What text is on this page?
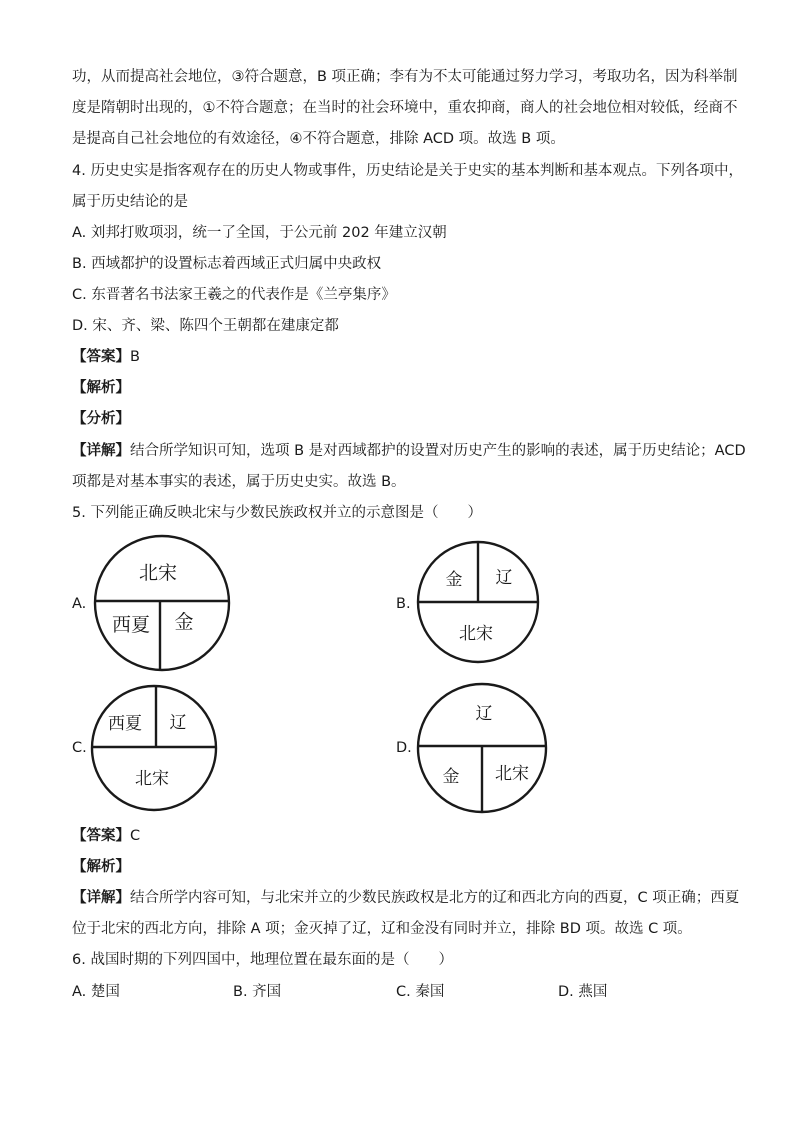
功，从而提高社会地位，③符合题意，B 项正确；李有为不太可能通过努力学习，考取功名，因为科举制
度是隋朝时出现的，①不符合题意；在当时的社会环境中，重农抑商，商人的社会地位相对较低，经商不
是提高自己社会地位的有效途径，④不符合题意，排除 ACD 项。故选 B 项。
4. 历史史实是指客观存在的历史人物或事件，历史结论是关于史实的基本判断和基本观点。下列各项中，
属于历史结论的是
A. 刘邦打败项羽，统一了全国，于公元前 202 年建立汉朝
B. 西域都护的设置标志着西域正式归属中央政权
C. 东晋著名书法家王羲之的代表作是《兰亭集序》
D. 宋、齐、梁、陈四个王朝都在建康定都
【答案】B
【解析】
【分析】
【详解】结合所学知识可知，选项 B 是对西域都护的设置对历史产生的影响的表述，属于历史结论；ACD
项都是对基本事实的表述，属于历史史实。故选 B。
5. 下列能正确反映北宋与少数民族政权并立的示意图是（　　）
A.
北宋
西夏 金
B.
金 辽
北宋
C.
西夏 辽
北宋
D.
辽
金 北宋
【答案】C
【解析】
【详解】结合所学内容可知，与北宋并立的少数民族政权是北方的辽和西北方向的西夏，C 项正确；西夏
位于北宋的西北方向，排除 A 项；金灭掉了辽，辽和金没有同时并立，排除 BD 项。故选 C 项。
6. 战国时期的下列四国中，地理位置在最东面的是（　　）
A. 楚国	B. 齐国	C. 秦国	D. 燕国
